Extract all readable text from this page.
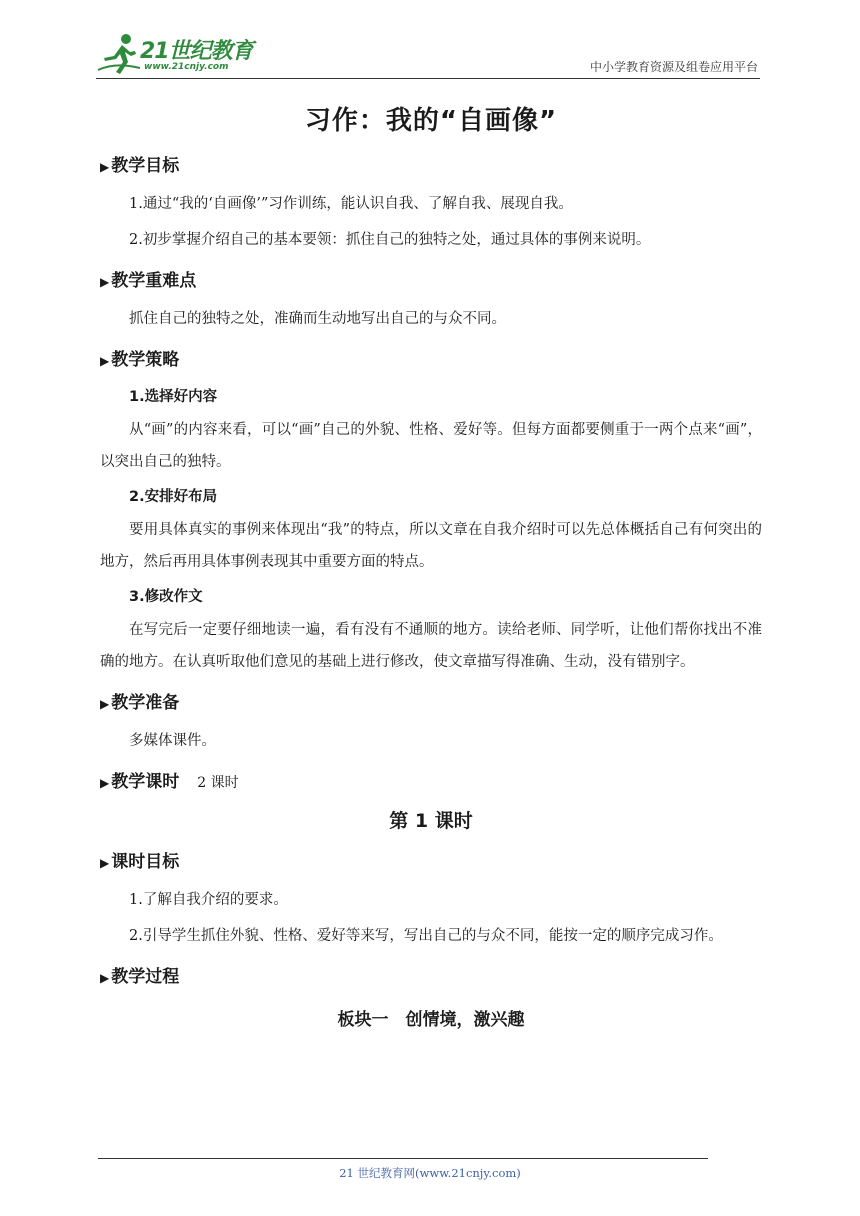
21世纪教育
www.21cnjy.com	中小学教育资源及组卷应用平台
习作：我的“自画像”
▶ 教学目标

1.通过“我的‘自画像’”习作训练，能认识自我、了解自我、展现自我。

2.初步掌握介绍自己的基本要领：抓住自己的独特之处，通过具体的事例来说明。

▶ 教学重难点

抓住自己的独特之处，准确而生动地写出自己的与众不同。

▶ 教学策略
1.选择好内容

从“画”的内容来看，可以“画”自己的外貌、性格、爱好等。但每方面都要侧重于一两个点来“画”，以突出自己的独特。

2.安排好布局

要用具体真实的事例来体现出“我”的特点，所以文章在自我介绍时可以先总体概括自己有何突出的地方，然后再用具体事例表现其中重要方面的特点。

3.修改作文

在写完后一定要仔细地读一遍，看有没有不通顺的地方。读给老师、同学听，让他们帮你找出不准确的地方。在认真听取他们意见的基础上进行修改，使文章描写得准确、生动，没有错别字。

▶ 教学准备

多媒体课件。

▶ 教学课时 2 课时
第 1 课时
▶ 课时目标

1.了解自我介绍的要求。

2.引导学生抓住外貌、性格、爱好等来写，写出自己的与众不同，能按一定的顺序完成习作。

▶ 教学过程
板块一　创情境，激兴趣
21 世纪教育网(www.21cnjy.com)
